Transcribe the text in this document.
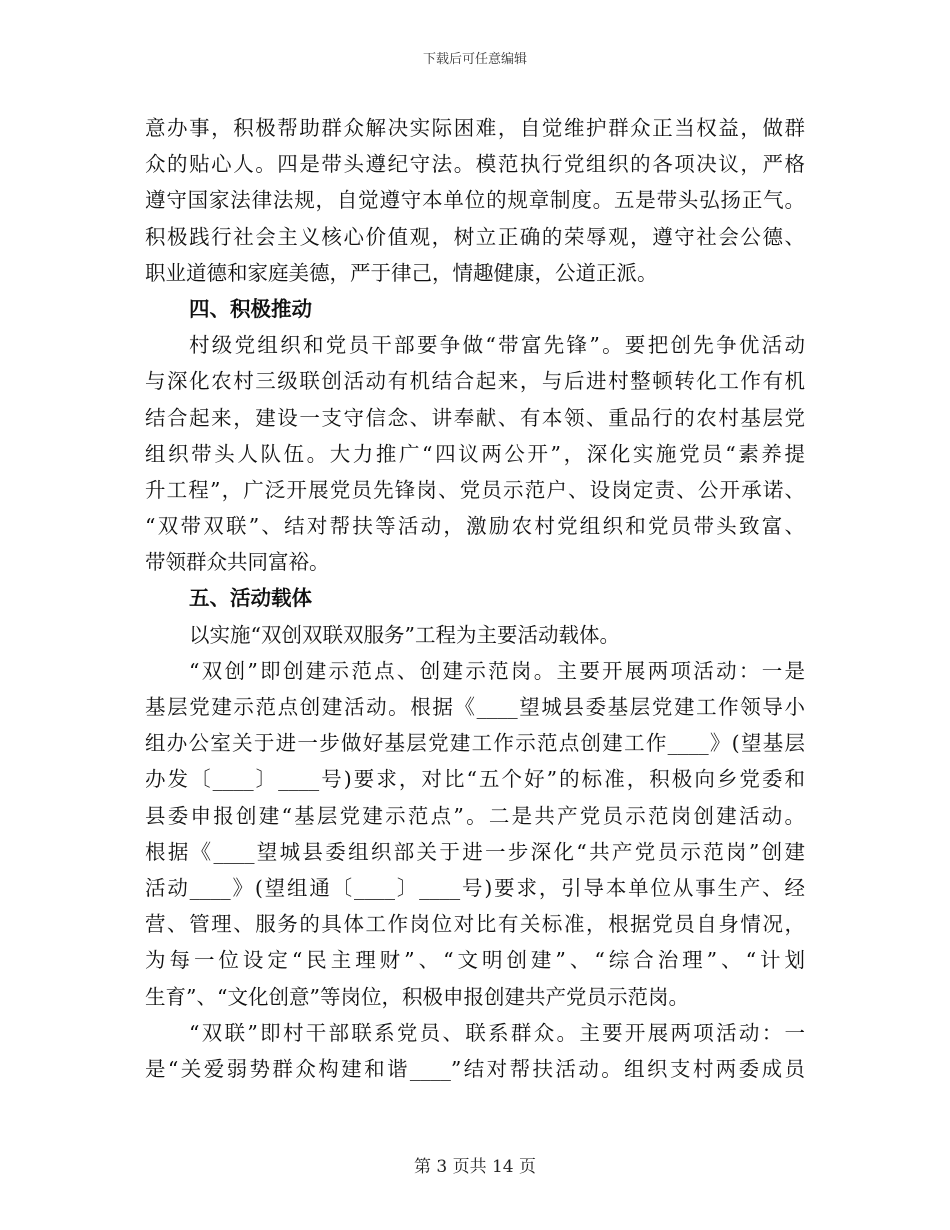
下载后可任意编辑
意办事，积极帮助群众解决实际困难，自觉维护群众正当权益，做群
众的贴心人。四是带头遵纪守法。模范执行党组织的各项决议，严格
遵守国家法律法规，自觉遵守本单位的规章制度。五是带头弘扬正气。
积极践行社会主义核心价值观，树立正确的荣辱观，遵守社会公德、
职业道德和家庭美德，严于律己，情趣健康，公道正派。
四、积极推动
村级党组织和党员干部要争做“带富先锋”。要把创先争优活动
与深化农村三级联创活动有机结合起来，与后进村整顿转化工作有机
结合起来，建设一支守信念、讲奉献、有本领、重品行的农村基层党
组织带头人队伍。大力推广“四议两公开”，深化实施党员“素养提
升工程”，广泛开展党员先锋岗、党员示范户、设岗定责、公开承诺、
“双带双联”、结对帮扶等活动，激励农村党组织和党员带头致富、
带领群众共同富裕。
五、活动载体
以实施“双创双联双服务”工程为主要活动载体。
“双创”即创建示范点、创建示范岗。主要开展两项活动：一是
基层党建示范点创建活动。根据《____望城县委基层党建工作领导小
组办公室关于进一步做好基层党建工作示范点创建工作____》(望基层
办发〔____〕____号)要求，对比“五个好”的标准，积极向乡党委和
县委申报创建“基层党建示范点”。二是共产党员示范岗创建活动。
根据《____望城县委组织部关于进一步深化“共产党员示范岗”创建
活动____》(望组通〔____〕____号)要求，引导本单位从事生产、经
营、管理、服务的具体工作岗位对比有关标准，根据党员自身情况，
为每一位设定“民主理财”、“文明创建”、“综合治理”、“计划
生育”、“文化创意”等岗位，积极申报创建共产党员示范岗。
“双联”即村干部联系党员、联系群众。主要开展两项活动：一
是“关爱弱势群众构建和谐____”结对帮扶活动。组织支村两委成员
第 3 页共 14 页
